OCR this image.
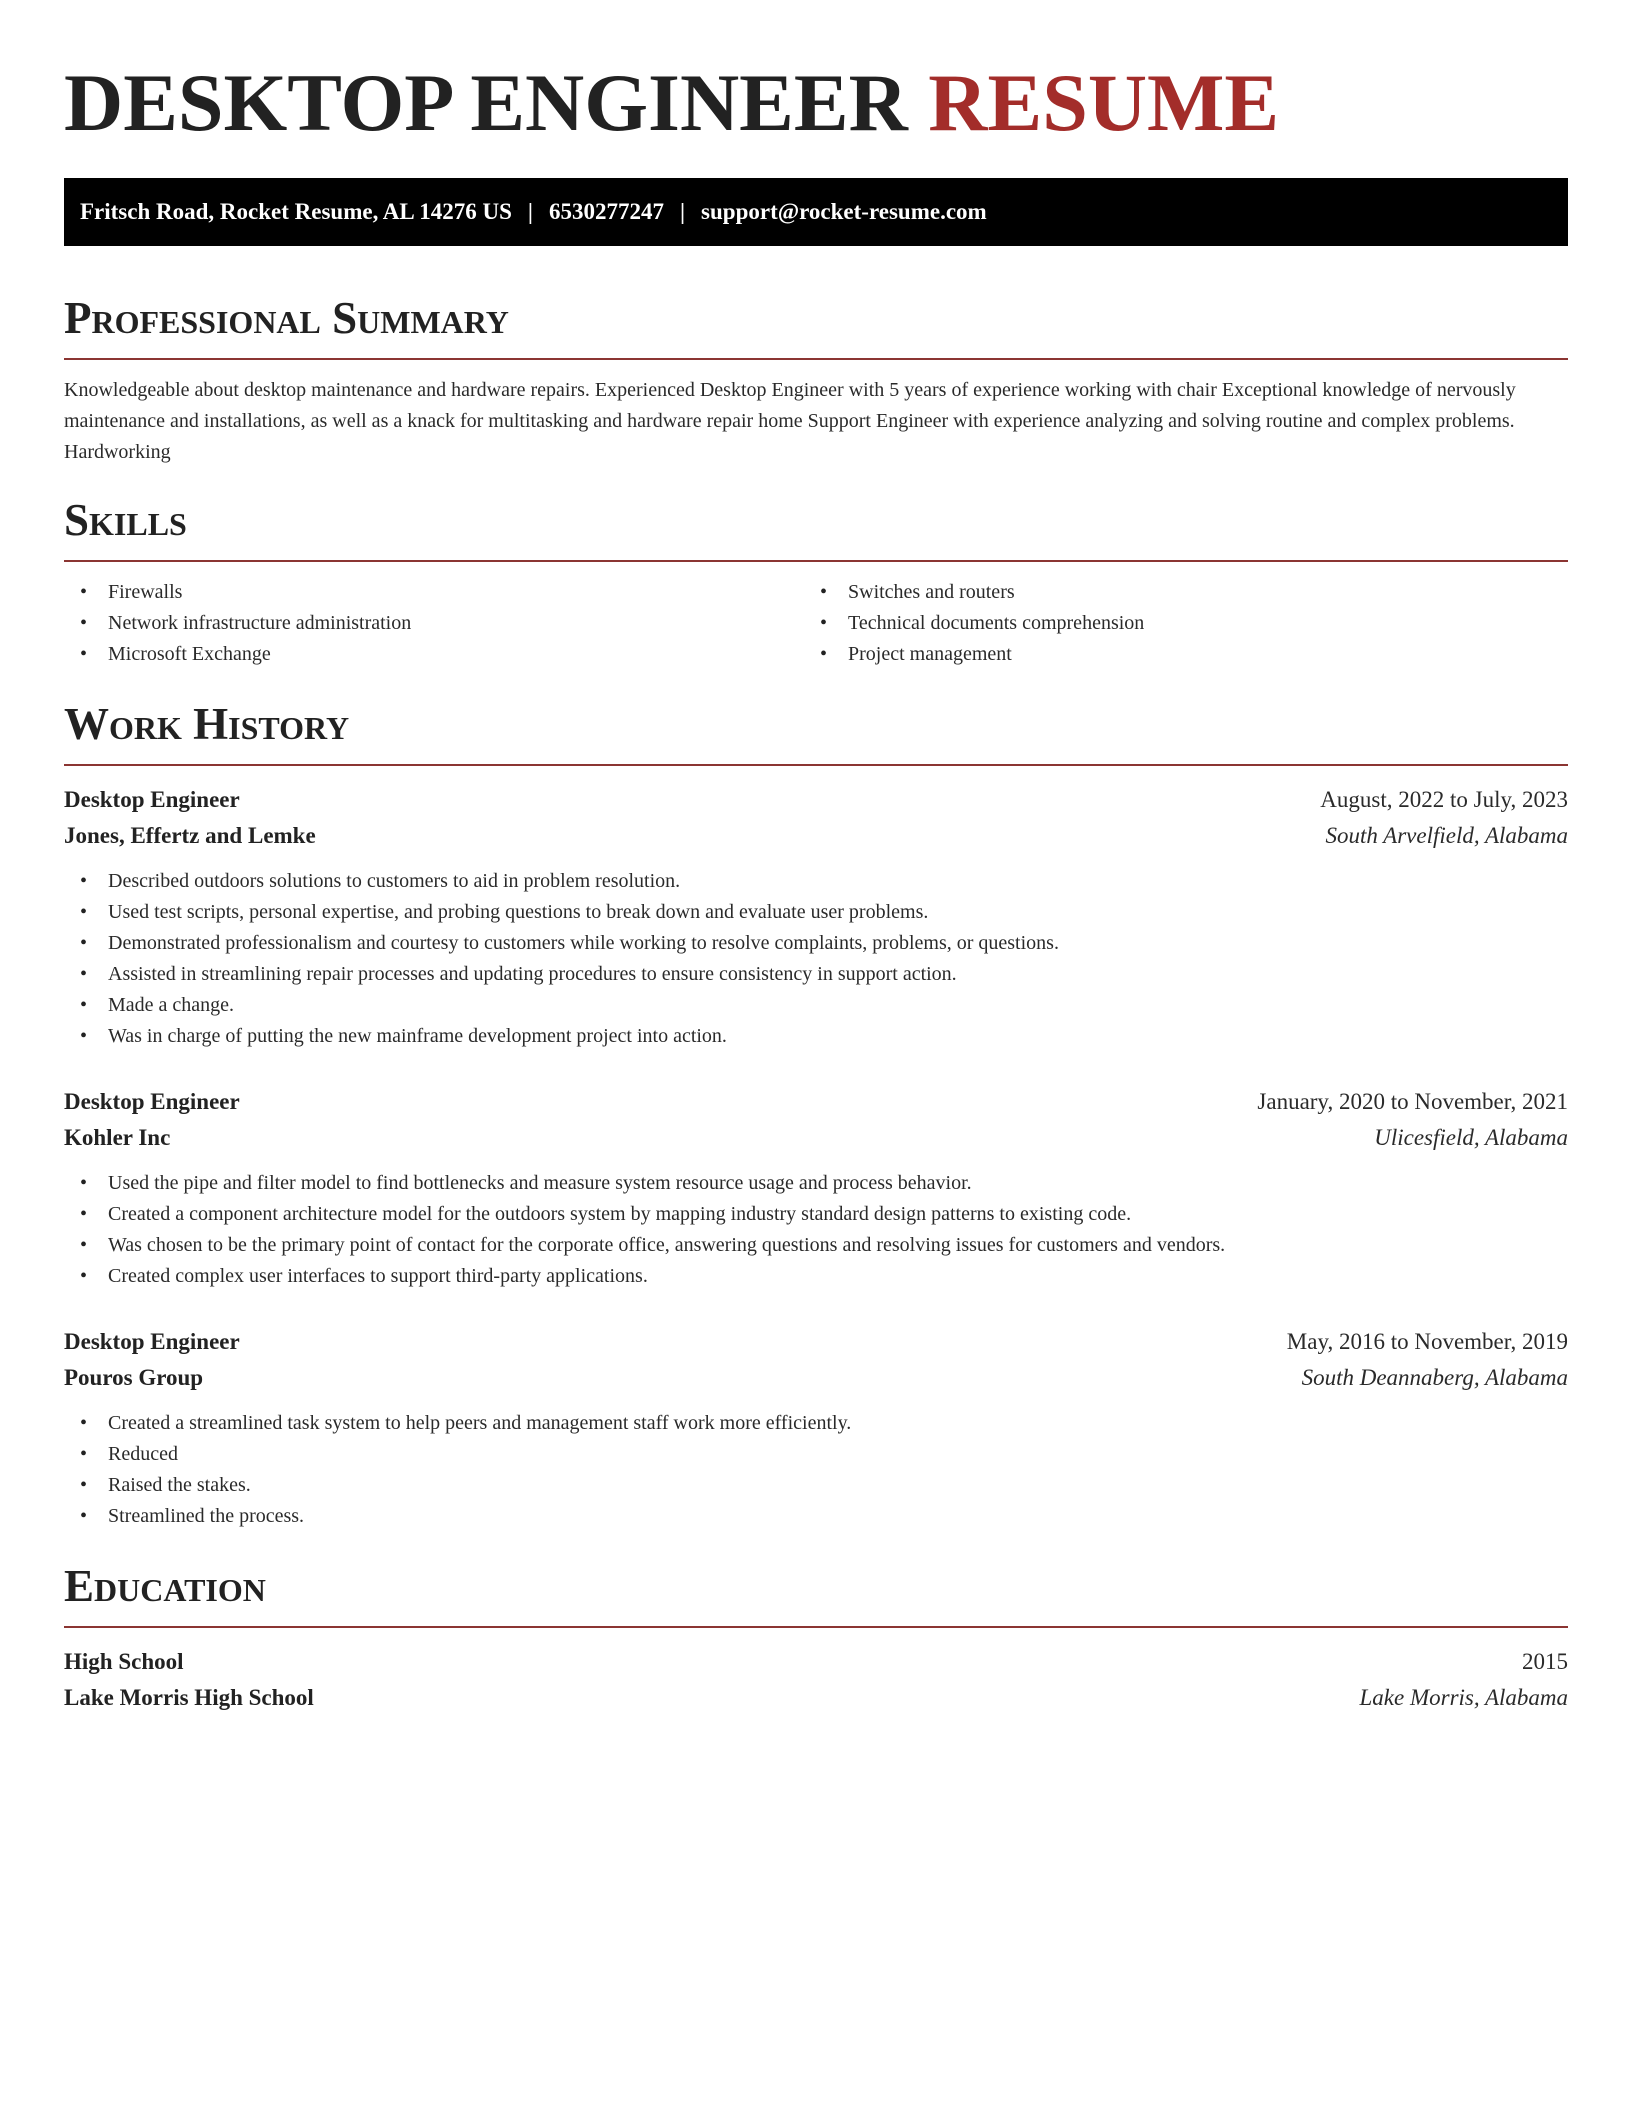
DESKTOP ENGINEER RESUME
Fritsch Road, Rocket Resume, AL 14276 US | 6530277247 | support@rocket-resume.com
Professional Summary

Knowledgeable about desktop maintenance and hardware repairs. Experienced Desktop Engineer with 5 years of experience working with chair Exceptional knowledge of nervously maintenance and installations, as well as a knack for multitasking and hardware repair home Support Engineer with experience analyzing and solving routine and complex problems. Hardworking

Skills
• Firewalls
• Network infrastructure administration
• Microsoft Exchange
• Switches and routers
• Technical documents comprehension
• Project management
Work History
Desktop Engineer	August, 2022 to July, 2023
Jones, Effertz and Lemke	South Arvelfield, Alabama
• Described outdoors solutions to customers to aid in problem resolution.
• Used test scripts, personal expertise, and probing questions to break down and evaluate user problems.
• Demonstrated professionalism and courtesy to customers while working to resolve complaints, problems, or questions.
• Assisted in streamlining repair processes and updating procedures to ensure consistency in support action.
• Made a change.
• Was in charge of putting the new mainframe development project into action.
Desktop Engineer	January, 2020 to November, 2021
Kohler Inc	Ulicesfield, Alabama
• Used the pipe and filter model to find bottlenecks and measure system resource usage and process behavior.
• Created a component architecture model for the outdoors system by mapping industry standard design patterns to existing code.
• Was chosen to be the primary point of contact for the corporate office, answering questions and resolving issues for customers and vendors.
• Created complex user interfaces to support third-party applications.
Desktop Engineer	May, 2016 to November, 2019
Pouros Group	South Deannaberg, Alabama
• Created a streamlined task system to help peers and management staff work more efficiently.
• Reduced
• Raised the stakes.
• Streamlined the process.
Education
High School	2015
Lake Morris High School	Lake Morris, Alabama
